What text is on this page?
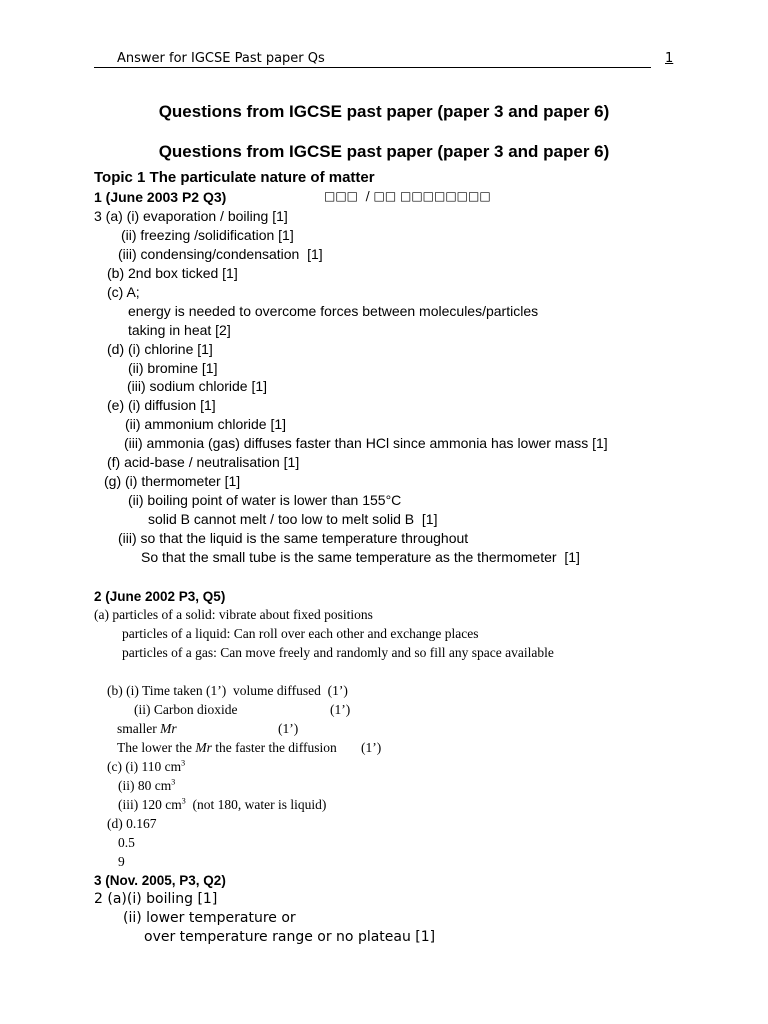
Answer for IGCSE Past paper Qs	1
Questions from IGCSE past paper (paper 3 and paper 6)
Questions from IGCSE past paper (paper 3 and paper 6)
Topic 1 The particulate nature of matter
1 (June 2003 P2 Q3)	□□□  / □□ □□□□□□□□
3 (a) (i) evaporation / boiling [1]
(ii) freezing /solidification [1]
(iii) condensing/condensation  [1]
(b) 2nd box ticked [1]
(c) A;
energy is needed to overcome forces between molecules/particles
taking in heat [2]
(d) (i) chlorine [1]
(ii) bromine [1]
(iii) sodium chloride [1]
(e) (i) diffusion [1]
(ii) ammonium chloride [1]
(iii) ammonia (gas) diffuses faster than HCl since ammonia has lower mass [1]
(f) acid-base / neutralisation [1]
(g) (i) thermometer [1]
(ii) boiling point of water is lower than 155°C
solid B cannot melt / too low to melt solid B  [1]
(iii) so that the liquid is the same temperature throughout
So that the small tube is the same temperature as the thermometer  [1]
2 (June 2002 P3, Q5)
(a) particles of a solid: vibrate about fixed positions
particles of a liquid: Can roll over each other and exchange places
particles of a gas: Can move freely and randomly and so fill any space available
(b) (i) Time taken (1’)  volume diffused  (1’)
(ii) Carbon dioxide	(1’)
smaller Mr	(1’)
The lower the Mr the faster the diffusion (1’)
(c) (i) 110 $cm^3$
(ii) 80 $cm^3$
(iii) 120 $cm^3$  (not 180, water is liquid)
(d) 0.167
0.5
9
3 (Nov. 2005, P3, Q2)
2 (a)(i) boiling [1]
(ii) lower temperature or
over temperature range or no plateau [1]
